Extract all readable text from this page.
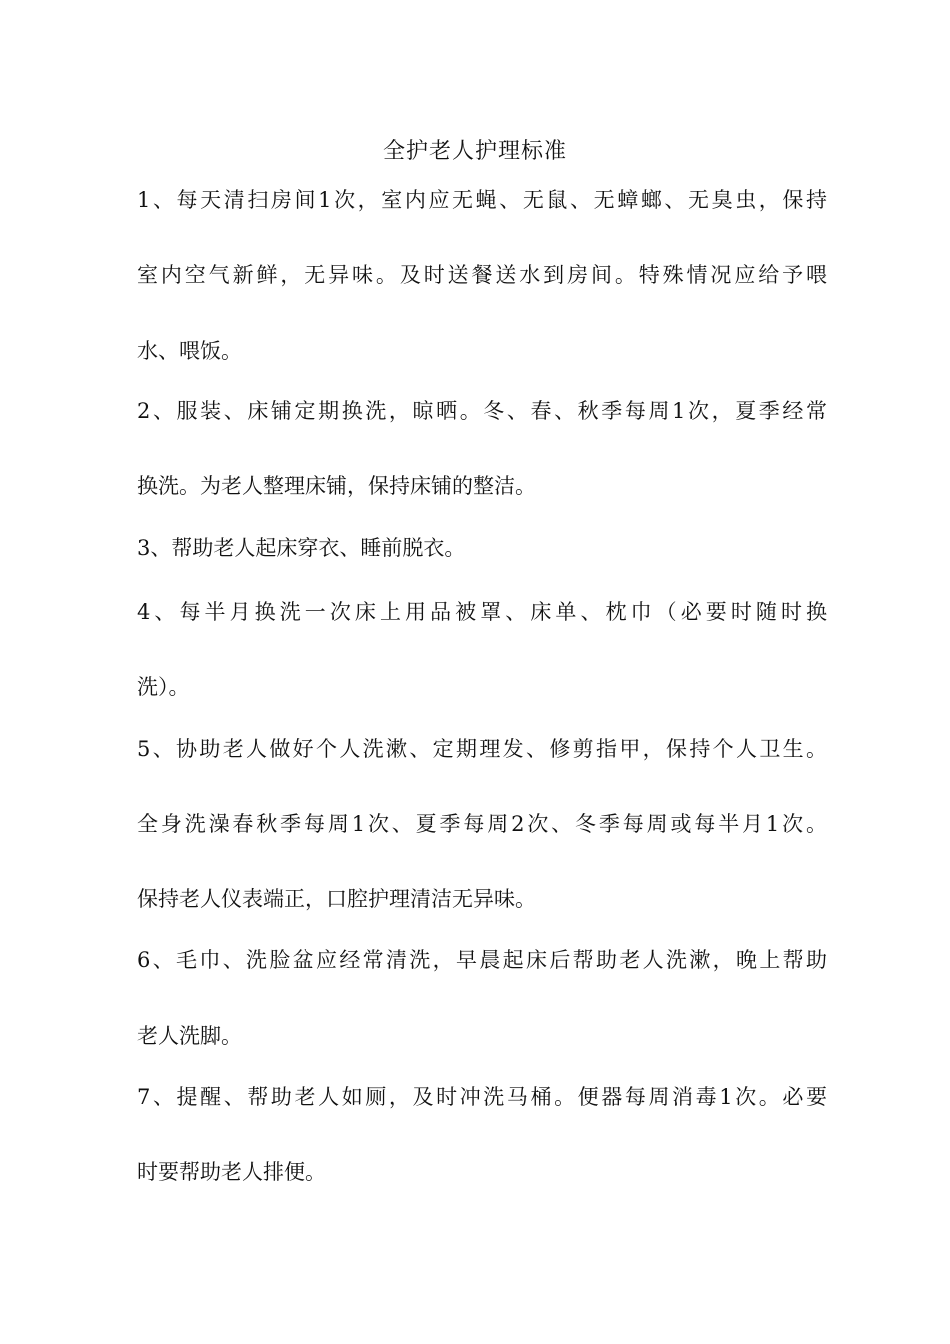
全护老人护理标准
1、每天清扫房间1次，室内应无蝇、无鼠、无蟑螂、无臭虫，保持
室内空气新鲜，无异味。及时送餐送水到房间。特殊情况应给予喂
水、喂饭。
2、服装、床铺定期换洗，晾晒。冬、春、秋季每周1次，夏季经常
换洗。为老人整理床铺，保持床铺的整洁。
3、帮助老人起床穿衣、睡前脱衣。
4、每半月换洗一次床上用品被罩、床单、枕巾（必要时随时换
洗）。
5、协助老人做好个人洗漱、定期理发、修剪指甲，保持个人卫生。
全身洗澡春秋季每周1次、夏季每周2次、冬季每周或每半月1次。
保持老人仪表端正，口腔护理清洁无异味。
6、毛巾、洗脸盆应经常清洗，早晨起床后帮助老人洗漱，晚上帮助
老人洗脚。
7、提醒、帮助老人如厕，及时冲洗马桶。便器每周消毒1次。必要
时要帮助老人排便。
